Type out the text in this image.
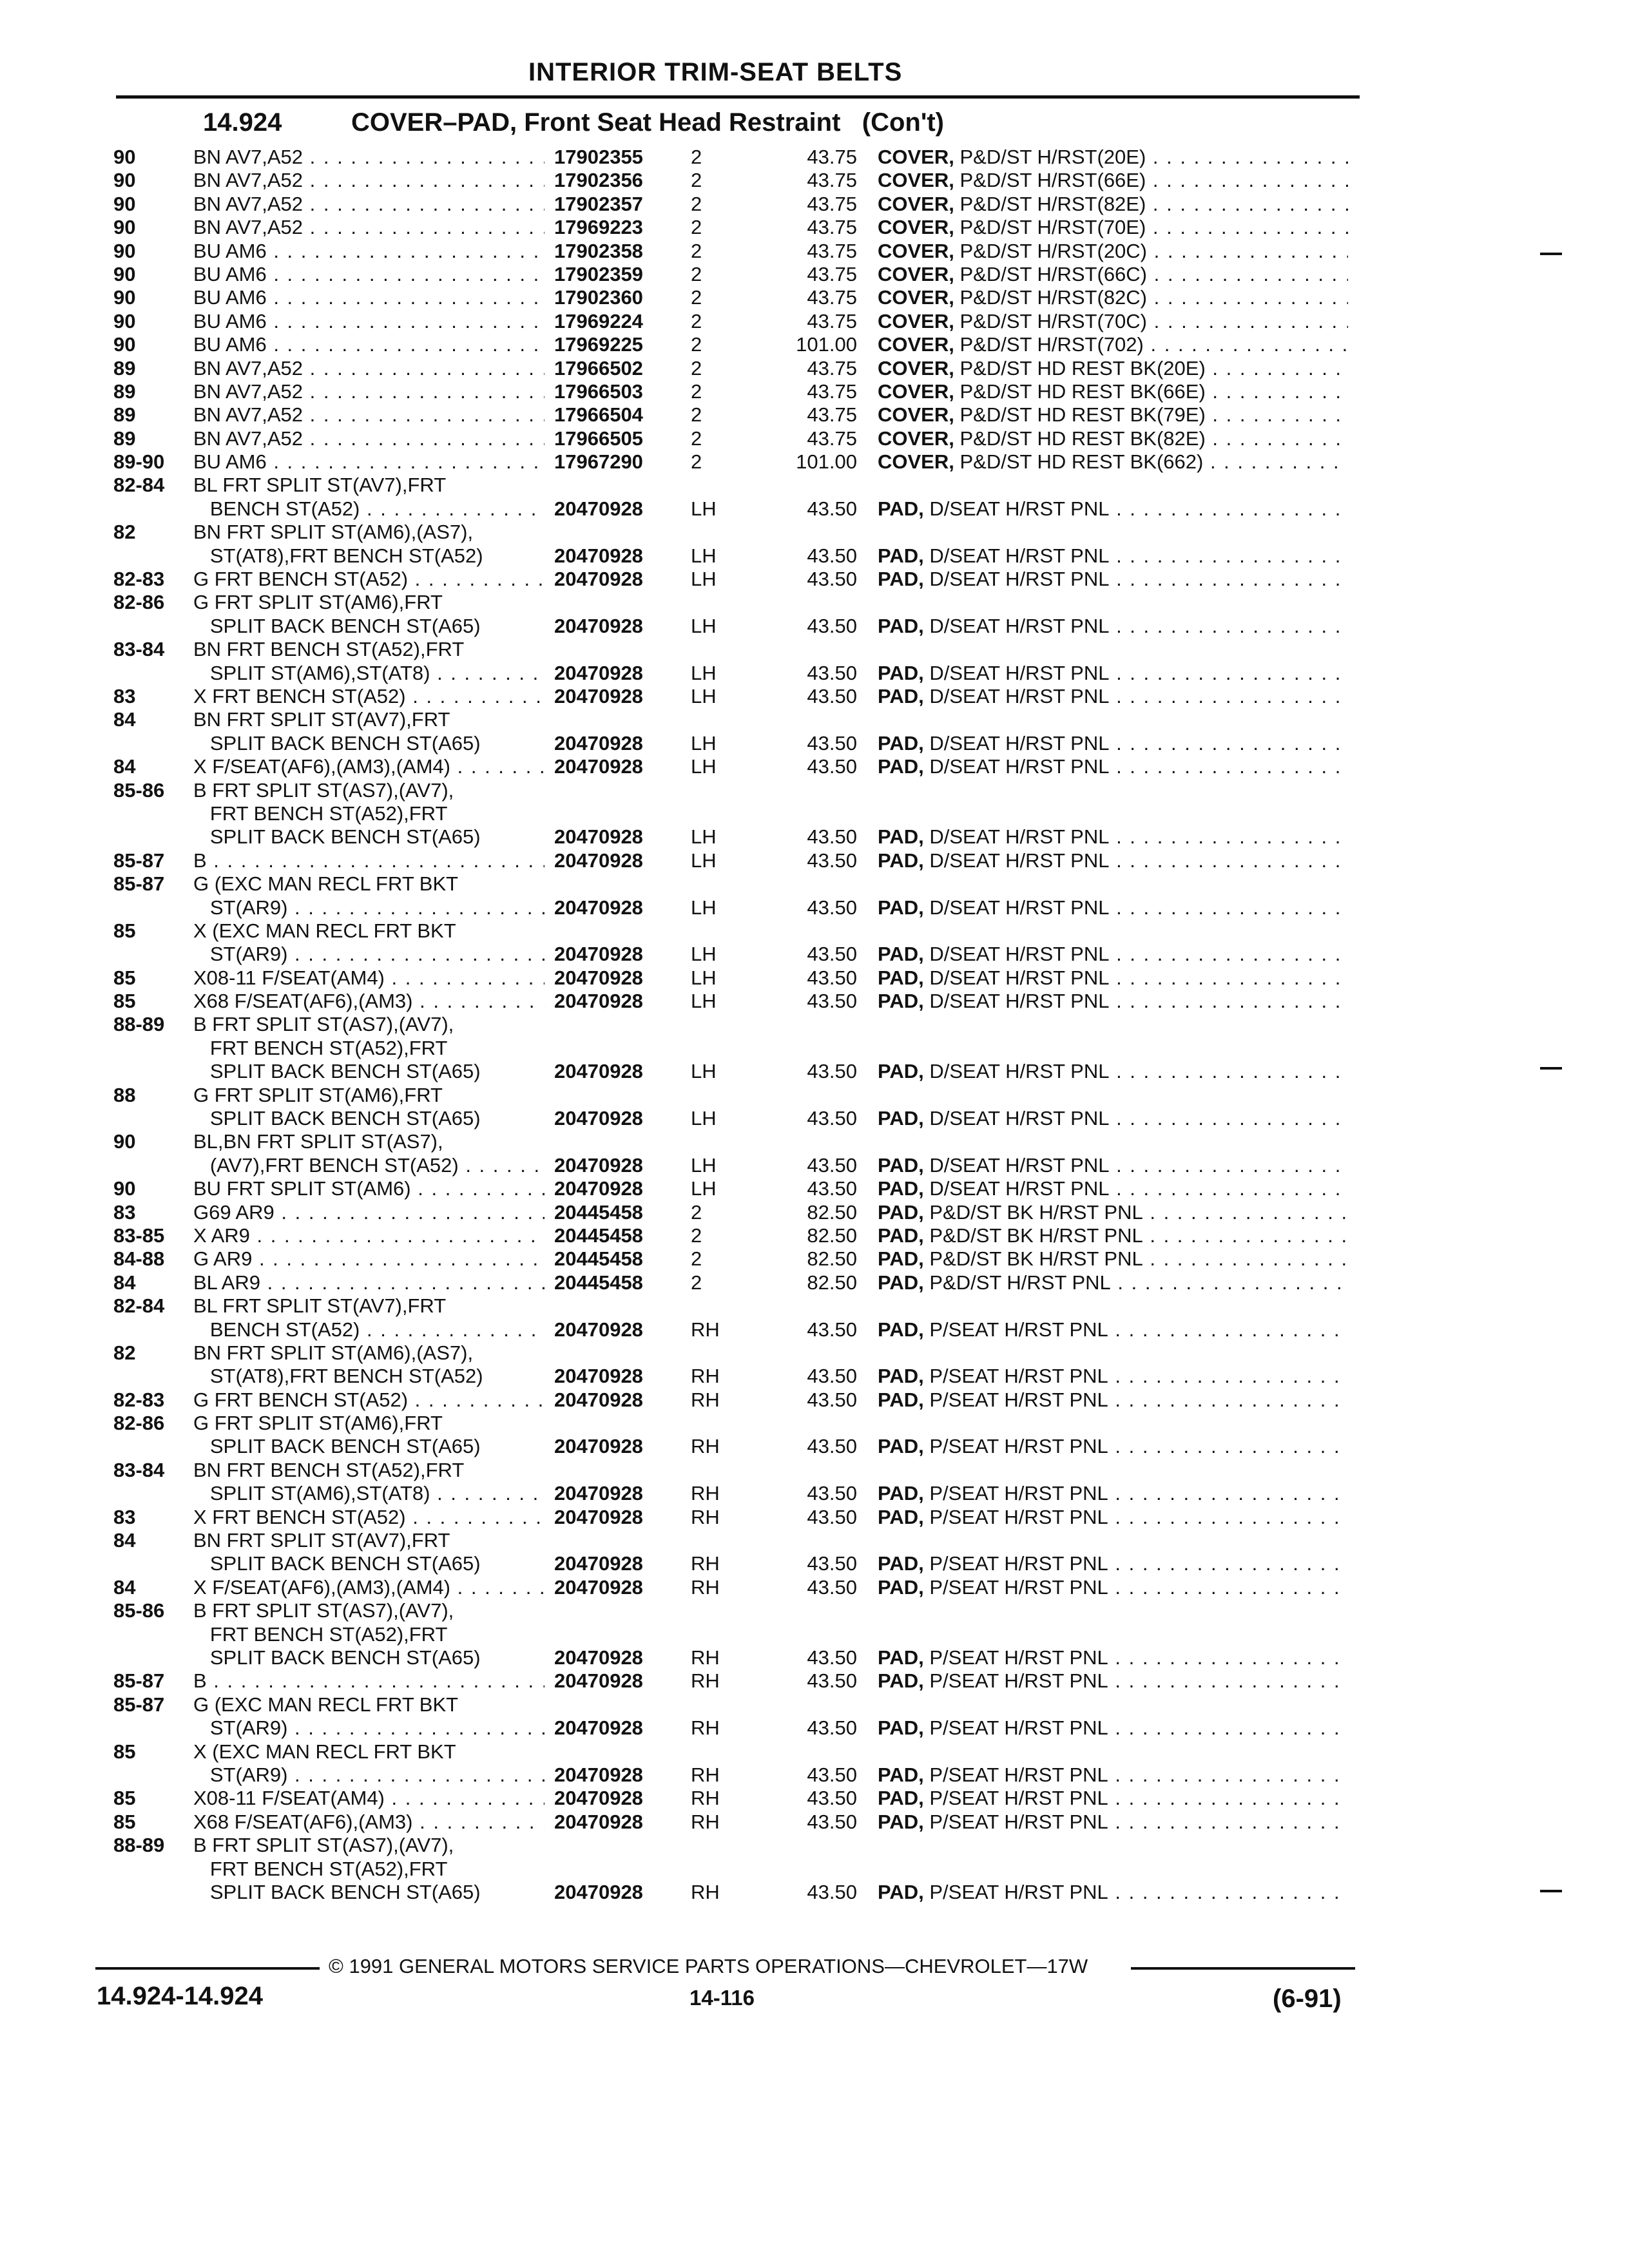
INTERIOR TRIM-SEAT BELTS
14.924	COVER–PAD, Front Seat Head Restraint (Con't)
90	BN AV7,A52 . . .	17902355 2	43.75 COVER, P&D/ST H/RST(20E) . . .
90	BN AV7,A52 . . .	17902356 2	43.75 COVER, P&D/ST H/RST(66E) . . .
90	BN AV7,A52 . . .	17902357 2	43.75 COVER, P&D/ST H/RST(82E) . . .
90	BN AV7,A52 . . .	17969223 2	43.75 COVER, P&D/ST H/RST(70E) . . .
90	BU AM6 . . .	17902358 2	43.75 COVER, P&D/ST H/RST(20C) . . .
90	BU AM6 . . .	17902359 2	43.75 COVER, P&D/ST H/RST(66C) . . .
90	BU AM6 . . .	17902360 2	43.75 COVER, P&D/ST H/RST(82C) . . .
90	BU AM6 . . .	17969224 2	43.75 COVER, P&D/ST H/RST(70C) . . .
90	BU AM6 . . .	17969225 2	101.00 COVER, P&D/ST H/RST(702) . . .
89	BN AV7,A52 . . .	17966502 2	43.75 COVER, P&D/ST HD REST BK(20E) . . .
89	BN AV7,A52 . . .	17966503 2	43.75 COVER, P&D/ST HD REST BK(66E) . . .
89	BN AV7,A52 . . .	17966504 2	43.75 COVER, P&D/ST HD REST BK(79E) . . .
89	BN AV7,A52 . . .	17966505 2	43.75 COVER, P&D/ST HD REST BK(82E) . . .
89-90 BU AM6 . . .	17967290 2	101.00 COVER, P&D/ST HD REST BK(662) . . .
82-84 BL FRT SPLIT ST(AV7),FRT
BENCH ST(A52) . . .	20470928 LH	43.50 PAD, D/SEAT H/RST PNL . . .
82	BN FRT SPLIT ST(AM6),(AS7),
ST(AT8),FRT BENCH ST(A52)	20470928 LH	43.50 PAD, D/SEAT H/RST PNL . . .
82-83 G FRT BENCH ST(A52) . . .	20470928 LH	43.50 PAD, D/SEAT H/RST PNL . . .
82-86 G FRT SPLIT ST(AM6),FRT
SPLIT BACK BENCH ST(A65)	20470928 LH	43.50 PAD, D/SEAT H/RST PNL . . .
83-84 BN FRT BENCH ST(A52),FRT
SPLIT ST(AM6),ST(AT8) . . .	20470928 LH	43.50 PAD, D/SEAT H/RST PNL . . .
83	X FRT BENCH ST(A52) . . .	20470928 LH	43.50 PAD, D/SEAT H/RST PNL . . .
84	BN FRT SPLIT ST(AV7),FRT
SPLIT BACK BENCH ST(A65)	20470928 LH	43.50 PAD, D/SEAT H/RST PNL . . .
84	X F/SEAT(AF6),(AM3),(AM4) . . .	20470928 LH	43.50 PAD, D/SEAT H/RST PNL . . .
85-86 B FRT SPLIT ST(AS7),(AV7),
FRT BENCH ST(A52),FRT
SPLIT BACK BENCH ST(A65)	20470928 LH	43.50 PAD, D/SEAT H/RST PNL . . .
85-87 B . . .	20470928 LH	43.50 PAD, D/SEAT H/RST PNL . . .
85-87 G (EXC MAN RECL FRT BKT
ST(AR9) . . .	20470928 LH	43.50 PAD, D/SEAT H/RST PNL . . .
85	X (EXC MAN RECL FRT BKT
ST(AR9) . . .	20470928 LH	43.50 PAD, D/SEAT H/RST PNL . . .
85	X08-11 F/SEAT(AM4) . . .	20470928 LH	43.50 PAD, D/SEAT H/RST PNL . . .
85	X68 F/SEAT(AF6),(AM3) . . .	20470928 LH	43.50 PAD, D/SEAT H/RST PNL . . .
88-89 B FRT SPLIT ST(AS7),(AV7),
FRT BENCH ST(A52),FRT
SPLIT BACK BENCH ST(A65)	20470928 LH	43.50 PAD, D/SEAT H/RST PNL . . .
88	G FRT SPLIT ST(AM6),FRT
SPLIT BACK BENCH ST(A65)	20470928 LH	43.50 PAD, D/SEAT H/RST PNL . . .
90	BL,BN FRT SPLIT ST(AS7),
(AV7),FRT BENCH ST(A52) . . .	20470928 LH	43.50 PAD, D/SEAT H/RST PNL . . .
90	BU FRT SPLIT ST(AM6) . . .	20470928 LH	43.50 PAD, D/SEAT H/RST PNL . . .
83	G69 AR9 . . .	20445458 2	82.50 PAD, P&D/ST BK H/RST PNL . . .
83-85 X AR9 . . .	20445458 2	82.50 PAD, P&D/ST BK H/RST PNL . . .
84-88 G AR9 . . .	20445458 2	82.50 PAD, P&D/ST BK H/RST PNL . . .
84	BL AR9 . . .	20445458 2	82.50 PAD, P&D/ST H/RST PNL . . .
82-84 BL FRT SPLIT ST(AV7),FRT
BENCH ST(A52) . . .	20470928 RH	43.50 PAD, P/SEAT H/RST PNL . . .
82	BN FRT SPLIT ST(AM6),(AS7),
ST(AT8),FRT BENCH ST(A52)	20470928 RH	43.50 PAD, P/SEAT H/RST PNL . . .
82-83 G FRT BENCH ST(A52) . . .	20470928 RH	43.50 PAD, P/SEAT H/RST PNL . . .
82-86 G FRT SPLIT ST(AM6),FRT
SPLIT BACK BENCH ST(A65)	20470928 RH	43.50 PAD, P/SEAT H/RST PNL . . .
83-84 BN FRT BENCH ST(A52),FRT
SPLIT ST(AM6),ST(AT8) . . .	20470928 RH	43.50 PAD, P/SEAT H/RST PNL . . .
83	X FRT BENCH ST(A52) . . .	20470928 RH	43.50 PAD, P/SEAT H/RST PNL . . .
84	BN FRT SPLIT ST(AV7),FRT
SPLIT BACK BENCH ST(A65)	20470928 RH	43.50 PAD, P/SEAT H/RST PNL . . .
84	X F/SEAT(AF6),(AM3),(AM4) . . .	20470928 RH	43.50 PAD, P/SEAT H/RST PNL . . .
85-86 B FRT SPLIT ST(AS7),(AV7),
FRT BENCH ST(A52),FRT
SPLIT BACK BENCH ST(A65)	20470928 RH	43.50 PAD, P/SEAT H/RST PNL . . .
85-87 B . . .	20470928 RH	43.50 PAD, P/SEAT H/RST PNL . . .
85-87 G (EXC MAN RECL FRT BKT
ST(AR9) . . .	20470928 RH	43.50 PAD, P/SEAT H/RST PNL . . .
85	X (EXC MAN RECL FRT BKT
ST(AR9) . . .	20470928 RH	43.50 PAD, P/SEAT H/RST PNL . . .
85	X08-11 F/SEAT(AM4) . . .	20470928 RH	43.50 PAD, P/SEAT H/RST PNL . . .
85	X68 F/SEAT(AF6),(AM3) . . .	20470928 RH	43.50 PAD, P/SEAT H/RST PNL . . .
88-89 B FRT SPLIT ST(AS7),(AV7),
FRT BENCH ST(A52),FRT
SPLIT BACK BENCH ST(A65)	20470928 RH	43.50 PAD, P/SEAT H/RST PNL . . .
© 1991 GENERAL MOTORS SERVICE PARTS OPERATIONS—CHEVROLET—17W
14.924-14.924	14-116	(6-91)
